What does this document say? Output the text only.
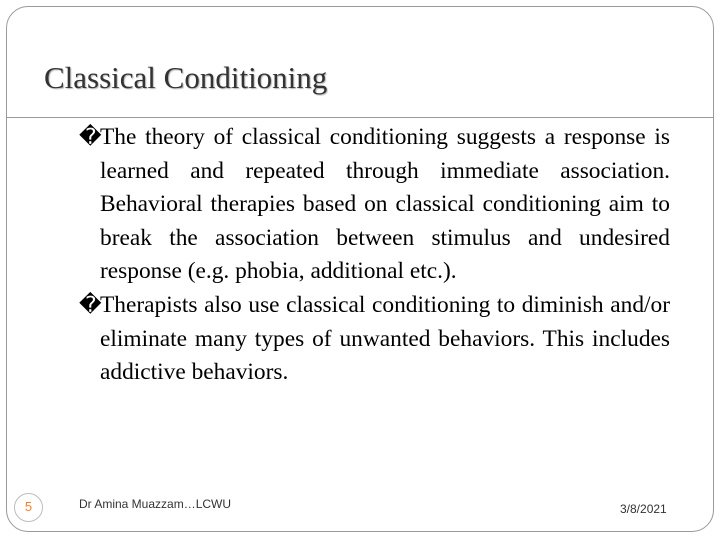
Classical Conditioning

�
The theory of classical conditioning suggests a response is learned and repeated through immediate association. Behavioral therapies based on classical conditioning aim to break the association between stimulus and undesired response (e.g. phobia, additional etc.).

�
Therapists also use classical conditioning to diminish and/or eliminate many types of unwanted behaviors. This includes addictive behaviors.

5	Dr Amina Muazzam…LCWU	3/8/2021
